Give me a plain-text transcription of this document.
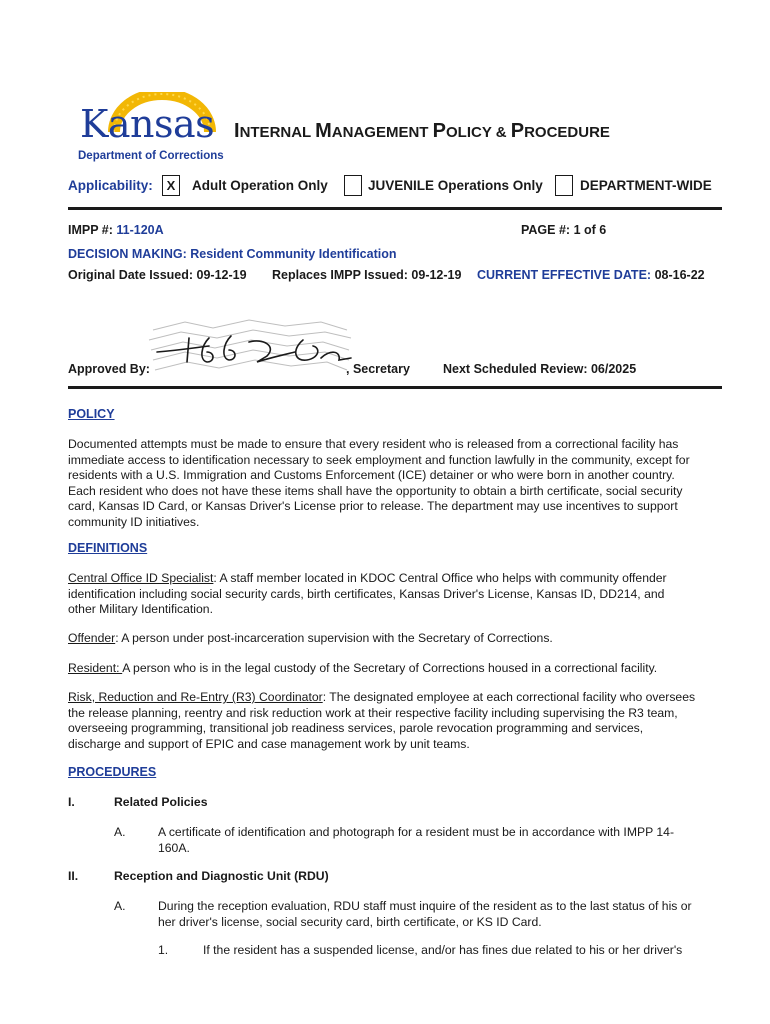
Kansas
Department of Corrections
INTERNAL MANAGEMENT POLICY & PROCEDURE
Applicability:	X	Adult Operation Only	JUVENILE Operations Only	DEPARTMENT-WIDE
IMPP #: 11-120A	PAGE #: 1 of 6
DECISION MAKING: Resident Community Identification
Original Date Issued: 09-12-19 Replaces IMPP Issued: 09-12-19 CURRENT EFFECTIVE DATE: 08-16-22
Approved By:	, Secretary	Next Scheduled Review: 06/2025
POLICY
Documented attempts must be made to ensure that every resident who is released from a correctional facility has
immediate access to identification necessary to seek employment and function lawfully in the community, except for
residents with a U.S. Immigration and Customs Enforcement (ICE) detainer or who were born in another country.
Each resident who does not have these items shall have the opportunity to obtain a birth certificate, social security
card, Kansas ID Card, or Kansas Driver's License prior to release. The department may use incentives to support
community ID initiatives.
DEFINITIONS
Central Office ID Specialist: A staff member located in KDOC Central Office who helps with community offender
identification including social security cards, birth certificates, Kansas Driver's License, Kansas ID, DD214, and
other Military Identification.
Offender: A person under post-incarceration supervision with the Secretary of Corrections.
Resident: A person who is in the legal custody of the Secretary of Corrections housed in a correctional facility.
Risk, Reduction and Re-Entry (R3) Coordinator: The designated employee at each correctional facility who oversees
the release planning, reentry and risk reduction work at their respective facility including supervising the R3 team,
overseeing programming, transitional job readiness services, parole revocation programming and services,
discharge and support of EPIC and case management work by unit teams.
PROCEDURES
I.	Related Policies
A.	A certificate of identification and photograph for a resident must be in accordance with IMPP 14-
160A.
II.	Reception and Diagnostic Unit (RDU)
A.	During the reception evaluation, RDU staff must inquire of the resident as to the last status of his or
her driver's license, social security card, birth certificate, or KS ID Card.
1.	If the resident has a suspended license, and/or has fines due related to his or her driver's
